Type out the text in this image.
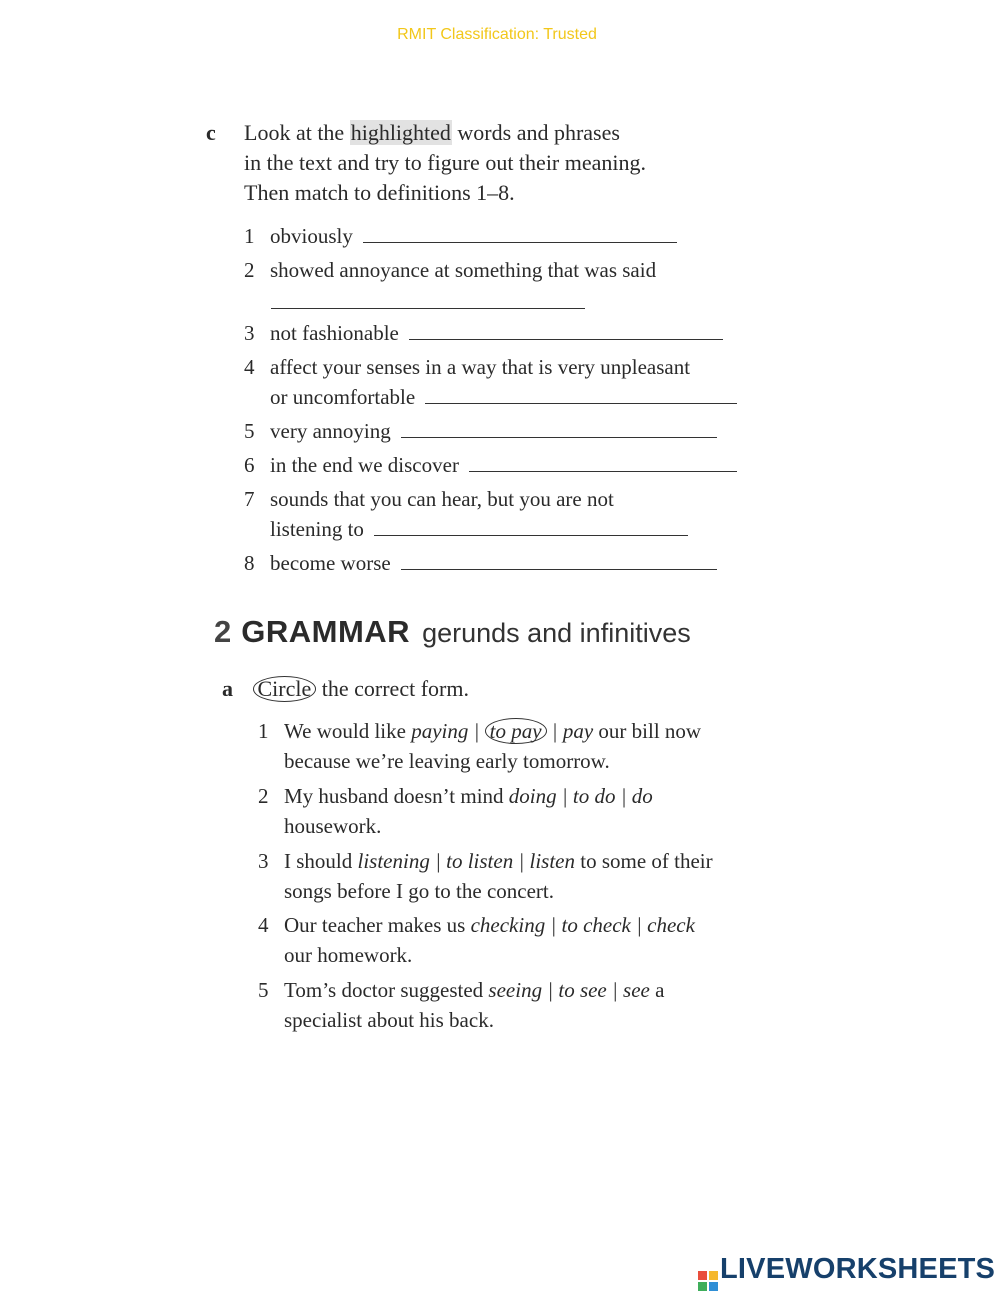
RMIT Classification: Trusted
c Look at the highlighted words and phrases
in the text and try to figure out their meaning.
Then match to definitions 1–8.
1 obviously
2 showed annoyance at something that was said
3 not fashionable
4 affect your senses in a way that is very unpleasant
or uncomfortable
5 very annoying
6 in the end we discover
7 sounds that you can hear, but you are not
listening to
8 become worse
2 GRAMMAR gerunds and infinitives
a Circle the correct form.
1 We would like paying | to pay | pay our bill now
because we’re leaving early tomorrow.
2 My husband doesn’t mind doing | to do | do
housework.
3 I should listening | to listen | listen to some of their
songs before I go to the concert.
4 Our teacher makes us checking | to check | check
our homework.
5 Tom’s doctor suggested seeing | to see | see a
specialist about his back.
LIVEWORKSHEETS
